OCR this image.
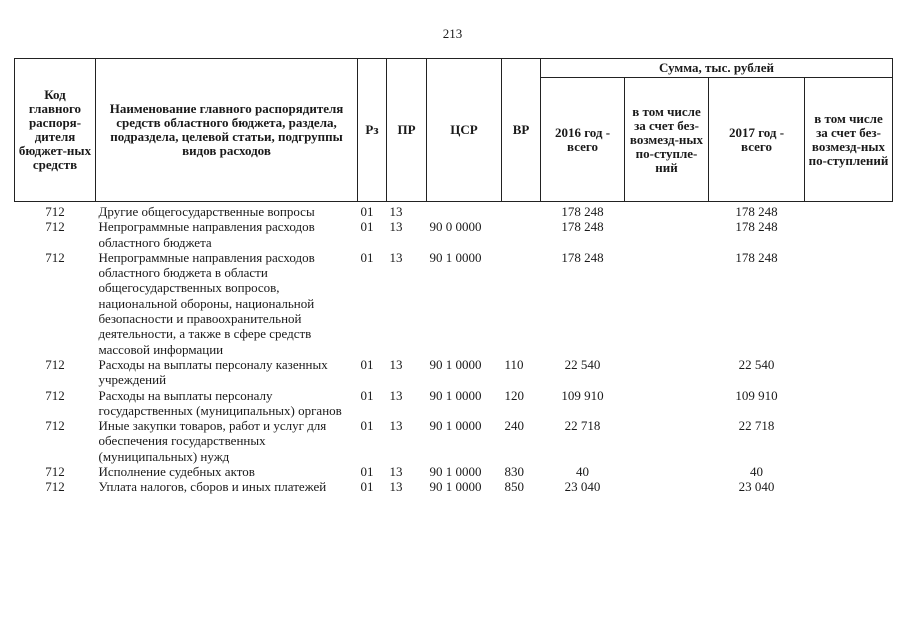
213
Код главного распоря-дителя бюджет-ных средств	Наименование главного распорядителя средств областного бюджета, раздела, подраздела, целевой статьи, подгруппы видов расходов	Рз	ПР	ЦСР	ВР	Сумма, тыс. рублей			
						2016 год - всего	в том числе за счет без-возмезд-ных по-ступле-ний	2017 год - всего	в том числе за счет без-возмезд-ных по-ступлений
712	Другие общегосударственные вопросы	01	13			178 248		178 248	
712	Непрограммные направления расходов областного бюджета	01	13	90 0 0000		178 248		178 248	
712	Непрограммные направления расходов областного бюджета в области общегосударственных вопросов, национальной обороны, национальной безопасности и правоохранительной деятельности, а также в сфере средств массовой информации	01	13	90 1 0000		178 248		178 248	
712	Расходы на выплаты персоналу казенных учреждений	01	13	90 1 0000	110	22 540		22 540	
712	Расходы на выплаты персоналу государственных (муниципальных) органов	01	13	90 1 0000	120	109 910		109 910	
712	Иные закупки товаров, работ и услуг для обеспечения государственных (муниципальных) нужд	01	13	90 1 0000	240	22 718		22 718	
712	Исполнение судебных актов	01	13	90 1 0000	830	40		40	
712	Уплата налогов, сборов и иных платежей	01	13	90 1 0000	850	23 040		23 040	
